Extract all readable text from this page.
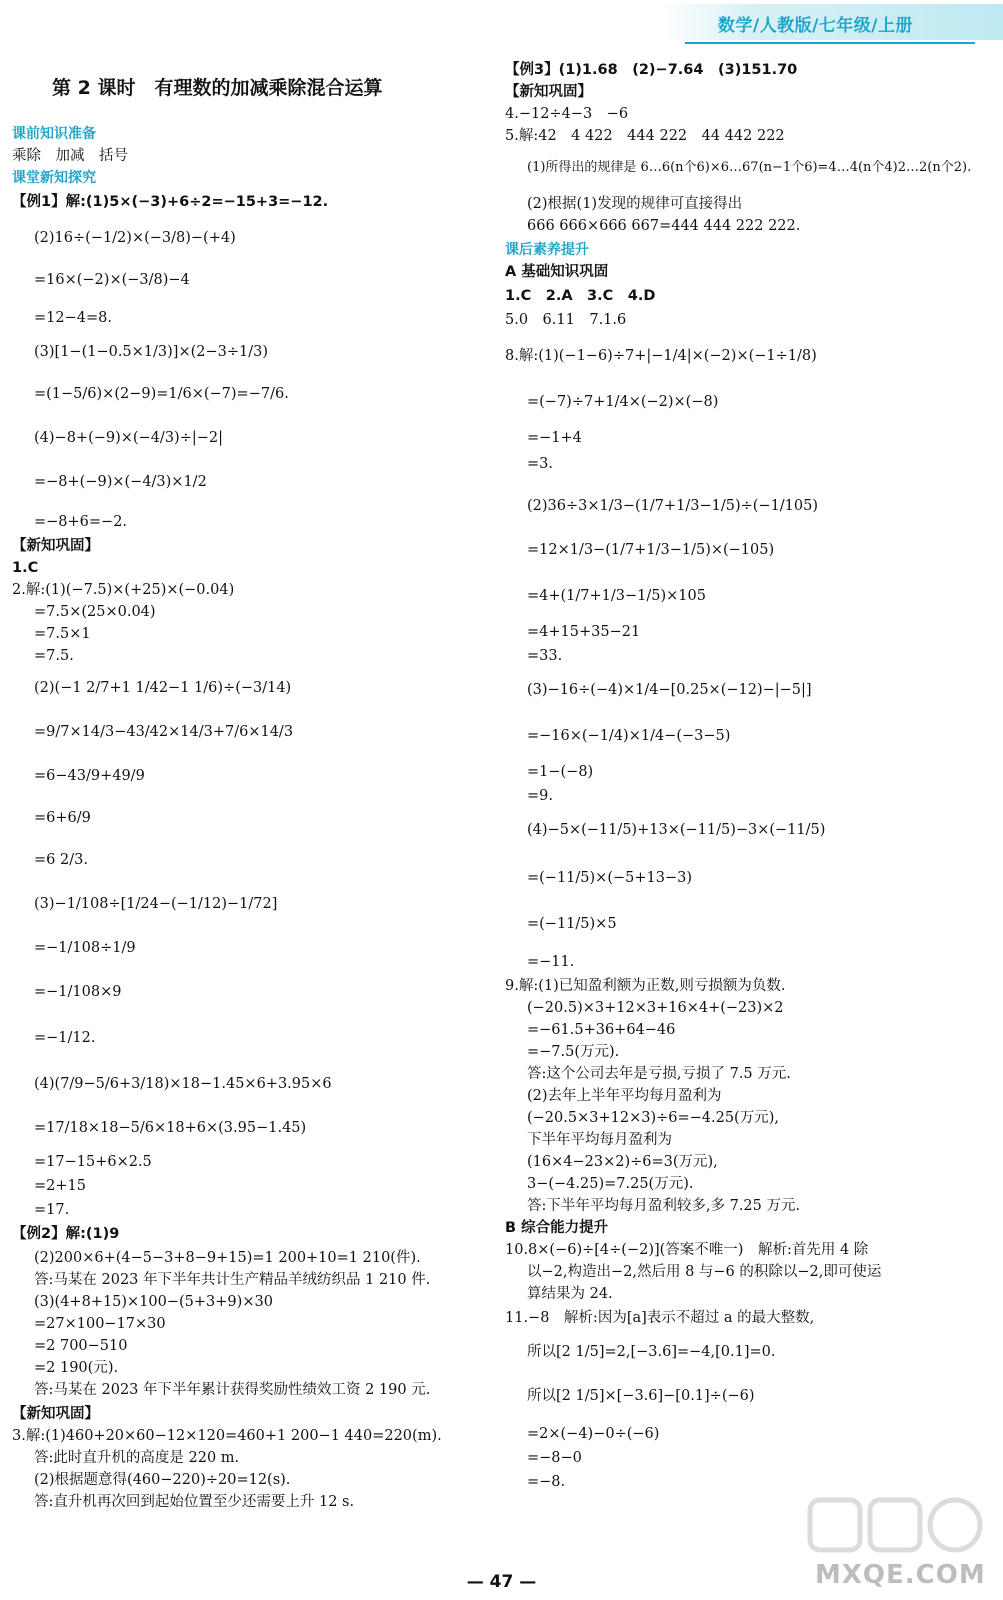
数学/人教版/七年级/上册
第 2 课时　有理数的加减乘除混合运算
课前知识准备
乘除　加减　括号
课堂新知探究
【例1】解:(1)5×(−3)+6÷2=−15+3=−12.
(2)16÷(−1/2)×(−3/8)−(+4)
=16×(−2)×(−3/8)−4
=12−4=8.
(3)[1−(1−0.5×1/3)]×(2−3÷1/3)
=(1−5/6)×(2−9)=1/6×(−7)=−7/6.
(4)−8+(−9)×(−4/3)÷|−2|
=−8+(−9)×(−4/3)×1/2
=−8+6=−2.
【新知巩固】
1.C
2.解:(1)(−7.5)×(+25)×(−0.04)
=7.5×(25×0.04)
=7.5×1
=7.5.
(2)(−1 2/7+1 1/42−1 1/6)÷(−3/14)
=9/7×14/3−43/42×14/3+7/6×14/3
=6−43/9+49/9
=6+6/9
=6 2/3.
(3)−1/108÷[1/24−(−1/12)−1/72]
=−1/108÷1/9
=−1/108×9
=−1/12.
(4)(7/9−5/6+3/18)×18−1.45×6+3.95×6
=17/18×18−5/6×18+6×(3.95−1.45)
=17−15+6×2.5
=2+15
=17.
【例2】解:(1)9
(2)200×6+(4−5−3+8−9+15)=1 200+10=1 210(件).
答:马某在 2023 年下半年共计生产精品羊绒纺织品 1 210 件.
(3)(4+8+15)×100−(5+3+9)×30
=27×100−17×30
=2 700−510
=2 190(元).
答:马某在 2023 年下半年累计获得奖励性绩效工资 2 190 元.
【新知巩固】
3.解:(1)460+20×60−12×120=460+1 200−1 440=220(m).
答:此时直升机的高度是 220 m.
(2)根据题意得(460−220)÷20=12(s).
答:直升机再次回到起始位置至少还需要上升 12 s.
【例3】(1)1.68　(2)−7.64　(3)151.70
【新知巩固】
4.−12÷4−3　−6
5.解:42　4 422　444 222　44 442 222
(1)所得出的规律是 6…6(n个6)×6…67(n−1个6)=4…4(n个4)2…2(n个2).
(2)根据(1)发现的规律可直接得出
666 666×666 667=444 444 222 222.
课后素养提升
A 基础知识巩固
1.C　2.A　3.C　4.D
5.0　6.11　7.1.6
8.解:(1)(−1−6)÷7+|−1/4|×(−2)×(−1÷1/8)
=(−7)÷7+1/4×(−2)×(−8)
=−1+4
=3.
(2)36÷3×1/3−(1/7+1/3−1/5)÷(−1/105)
=12×1/3−(1/7+1/3−1/5)×(−105)
=4+(1/7+1/3−1/5)×105
=4+15+35−21
=33.
(3)−16÷(−4)×1/4−[0.25×(−12)−|−5|]
=−16×(−1/4)×1/4−(−3−5)
=1−(−8)
=9.
(4)−5×(−11/5)+13×(−11/5)−3×(−11/5)
=(−11/5)×(−5+13−3)
=(−11/5)×5
=−11.
9.解:(1)已知盈利额为正数,则亏损额为负数.
(−20.5)×3+12×3+16×4+(−23)×2
=−61.5+36+64−46
=−7.5(万元).
答:这个公司去年是亏损,亏损了 7.5 万元.
(2)去年上半年平均每月盈利为
(−20.5×3+12×3)÷6=−4.25(万元),
下半年平均每月盈利为
(16×4−23×2)÷6=3(万元),
3−(−4.25)=7.25(万元).
答:下半年平均每月盈利较多,多 7.25 万元.
B 综合能力提升
10.8×(−6)÷[4÷(−2)](答案不唯一)　解析:首先用 4 除
以−2,构造出−2,然后用 8 与−6 的积除以−2,即可使运
算结果为 24.
11.−8　解析:因为[a]表示不超过 a 的最大整数,
所以[2 1/5]=2,[−3.6]=−4,[0.1]=0.
所以[2 1/5]×[−3.6]−[0.1]÷(−6)
=2×(−4)−0÷(−6)
=−8−0
=−8.
— 47 —	MXQE.COM
